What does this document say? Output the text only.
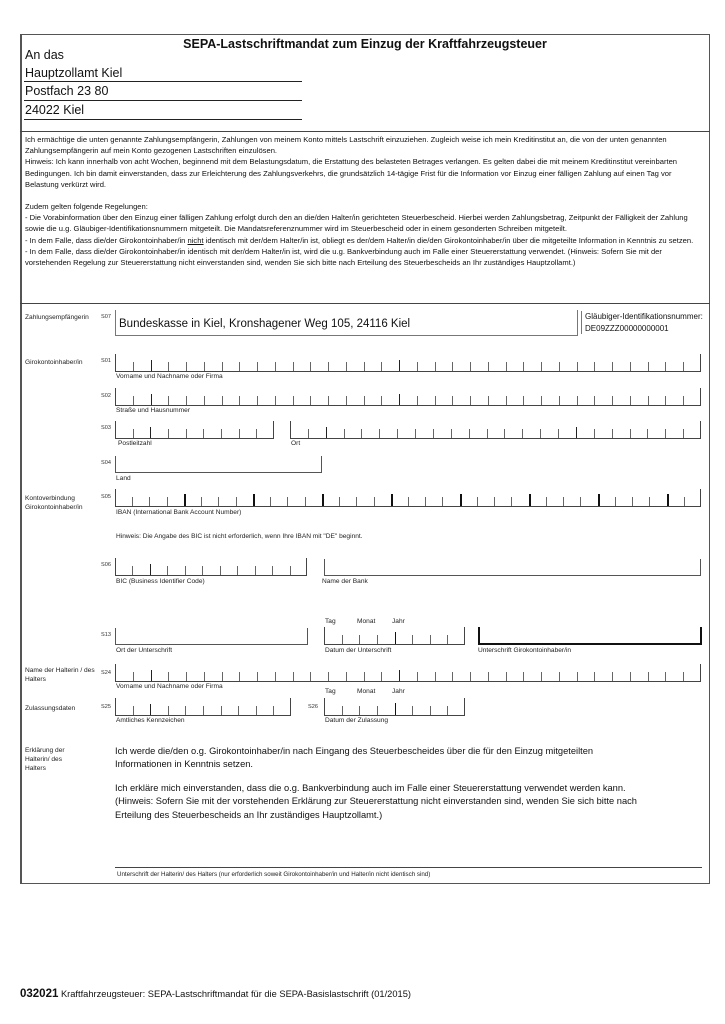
SEPA-Lastschriftmandat zum Einzug der Kraftfahrzeugsteuer
An das
Hauptzollamt Kiel
Postfach 23 80
24022 Kiel

Ich ermächtige die unten genannte Zahlungsempfängerin, Zahlungen von meinem Konto mittels Lastschrift einzuziehen. Zugleich weise ich mein Kreditinstitut an, die von der unten genannten Zahlungsempfängerin auf mein Konto gezogenen Lastschriften einzulösen.

Hinweis: Ich kann innerhalb von acht Wochen, beginnend mit dem Belastungsdatum, die Erstattung des belasteten Betrages verlangen. Es gelten dabei die mit meinem Kreditinstitut vereinbarten Bedingungen. Ich bin damit einverstanden, dass zur Erleichterung des Zahlungsverkehrs, die grundsätzlich 14-tägige Frist für die Information vor Einzug einer fälligen Zahlung auf einen Tag vor Belastung verkürzt wird.

Zudem gelten folgende Regelungen:

- Die Vorabinformation über den Einzug einer fälligen Zahlung erfolgt durch den an die/den Halter/in gerichteten Steuerbescheid. Hierbei werden Zahlungsbetrag, Zeitpunkt der Fälligkeit der Zahlung sowie die u.g. Gläubiger-Identifikationsnummern mitgeteilt. Die Mandatsreferenznummer wird im Steuerbescheid oder in einem gesonderten Schreiben mitgeteilt.

- In dem Falle, dass die/der Girokontoinhaber/in nicht identisch mit der/dem Halter/in ist, obliegt es der/dem Halter/in die/den Girokontoinhaber/in über die mitgeteilte Information in Kenntnis zu setzen.

- In dem Falle, dass die/der Girokontoinhaber/in identisch mit der/dem Halter/in ist, wird die u.g. Bankverbindung auch im Falle einer Steuererstattung verwendet. (Hinweis: Sofern Sie mit der vorstehenden Regelung zur Steuererstattung nicht einverstanden sind, wenden Sie sich bitte nach Erteilung des Steuerbescheids an Ihr zuständiges Hauptzollamt.)

Zahlungsempfängerin S07
Bundeskasse in Kiel, Kronshagener Weg 105, 24116 Kiel
Gläubiger-Identifikationsnummer:
DE09ZZZ00000000001
Girokontoinhaber/in	S01
Vorname und Nachname oder Firma
S02
Straße und Hausnummer
S03
Postleitzahl	Ort
S04
Land
Kontoverbindung Girokontoinhaber/in
S05
IBAN (International Bank Account Number)
Hinweis: Die Angabe des BIC ist nicht erforderlich, wenn Ihre IBAN mit "DE" beginnt.
S06
BIC (Business Identifier Code)	Name der Bank
Tag	Monat	Jahr
S13
Ort der Unterschrift	Datum der Unterschrift	Unterschrift Girokontoinhaber/in
Name der Halterin / des Halters
S24
Vorname und Nachname oder Firma
Tag	Monat	Jahr
Zulassungsdaten	S25	S26
Amtliches Kennzeichen	Datum der Zulassung
Erklärung der Halterin/ des Halters

Ich werde die/den o.g. Girokontoinhaber/in nach Eingang des Steuerbescheides über die für den Einzug mitgeteilten Informationen in Kenntnis setzen.

Ich erkläre mich einverstanden, dass die o.g. Bankverbindung auch im Falle einer Steuererstattung verwendet werden kann. (Hinweis: Sofern Sie mit der vorstehenden Erklärung zur Steuererstattung nicht einverstanden sind, wenden Sie sich bitte nach Erteilung des Steuerbescheids an Ihr zuständiges Hauptzollamt.)

Unterschrift der Halterin/ des Halters (nur erforderlich soweit Girokontoinhaber/in und Halter/in nicht identisch sind)
032021 Kraftfahrzeugsteuer: SEPA-Lastschriftmandat für die SEPA-Basislastschrift (01/2015)
